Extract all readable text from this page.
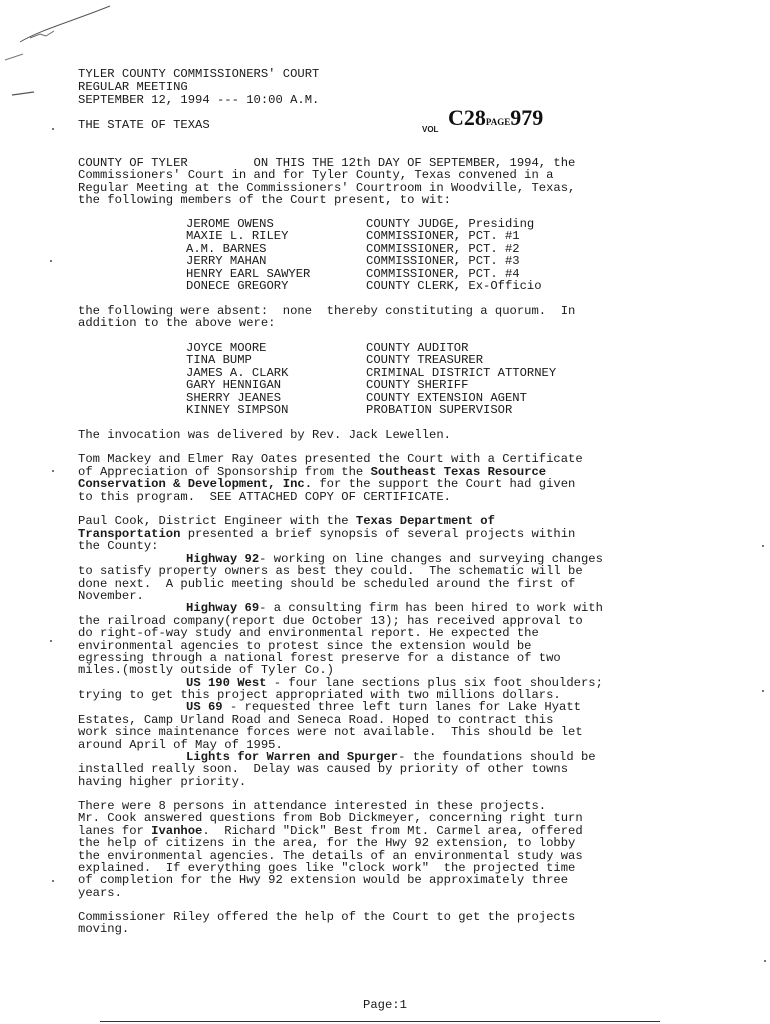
TYLER COUNTY COMMISSIONERS' COURT
REGULAR MEETING
SEPTEMBER 12, 1994 --- 10:00 A.M.
THE STATE OF TEXAS	VOL C28PAGE979
COUNTY OF TYLER         ON THIS THE 12th DAY OF SEPTEMBER, 1994, the
Commissioners' Court in and for Tyler County, Texas convened in a
Regular Meeting at the Commissioners' Courtroom in Woodville, Texas,
the following members of the Court present, to wit:
JEROME OWENS	COUNTY JUDGE, Presiding
MAXIE L. RILEY	COMMISSIONER, PCT. #1
A.M. BARNES	COMMISSIONER, PCT. #2
JERRY MAHAN	COMMISSIONER, PCT. #3
HENRY EARL SAWYER	COMMISSIONER, PCT. #4
DONECE GREGORY	COUNTY CLERK, Ex-Officio
the following were absent:  none  thereby constituting a quorum.  In
addition to the above were:
JOYCE MOORE	COUNTY AUDITOR
TINA BUMP	COUNTY TREASURER
JAMES A. CLARK	CRIMINAL DISTRICT ATTORNEY
GARY HENNIGAN	COUNTY SHERIFF
SHERRY JEANES	COUNTY EXTENSION AGENT
KINNEY SIMPSON	PROBATION SUPERVISOR
The invocation was delivered by Rev. Jack Lewellen.
Tom Mackey and Elmer Ray Oates presented the Court with a Certificate
of Appreciation of Sponsorship from the Southeast Texas Resource
Conservation & Development, Inc. for the support the Court had given
to this program.  SEE ATTACHED COPY OF CERTIFICATE.
Paul Cook, District Engineer with the Texas Department of
Transportation presented a brief synopsis of several projects within
the County:
Highway 92- working on line changes and surveying changes
to satisfy property owners as best they could.  The schematic will be
done next.  A public meeting should be scheduled around the first of
November.
Highway 69- a consulting firm has been hired to work with
the railroad company(report due October 13); has received approval to
do right-of-way study and environmental report. He expected the
environmental agencies to protest since the extension would be
egressing through a national forest preserve for a distance of two
miles.(mostly outside of Tyler Co.)
US 190 West - four lane sections plus six foot shoulders;
trying to get this project appropriated with two millions dollars.
US 69 - requested three left turn lanes for Lake Hyatt
Estates, Camp Urland Road and Seneca Road. Hoped to contract this
work since maintenance forces were not available.  This should be let
around April of May of 1995.
Lights for Warren and Spurger- the foundations should be
installed really soon.  Delay was caused by priority of other towns
having higher priority.
There were 8 persons in attendance interested in these projects.
Mr. Cook answered questions from Bob Dickmeyer, concerning right turn
lanes for Ivanhoe.  Richard "Dick" Best from Mt. Carmel area, offered
the help of citizens in the area, for the Hwy 92 extension, to lobby
the environmental agencies. The details of an environmental study was
explained.  If everything goes like "clock work"  the projected time
of completion for the Hwy 92 extension would be approximately three
years.
Commissioner Riley offered the help of the Court to get the projects
moving.
Page:1
